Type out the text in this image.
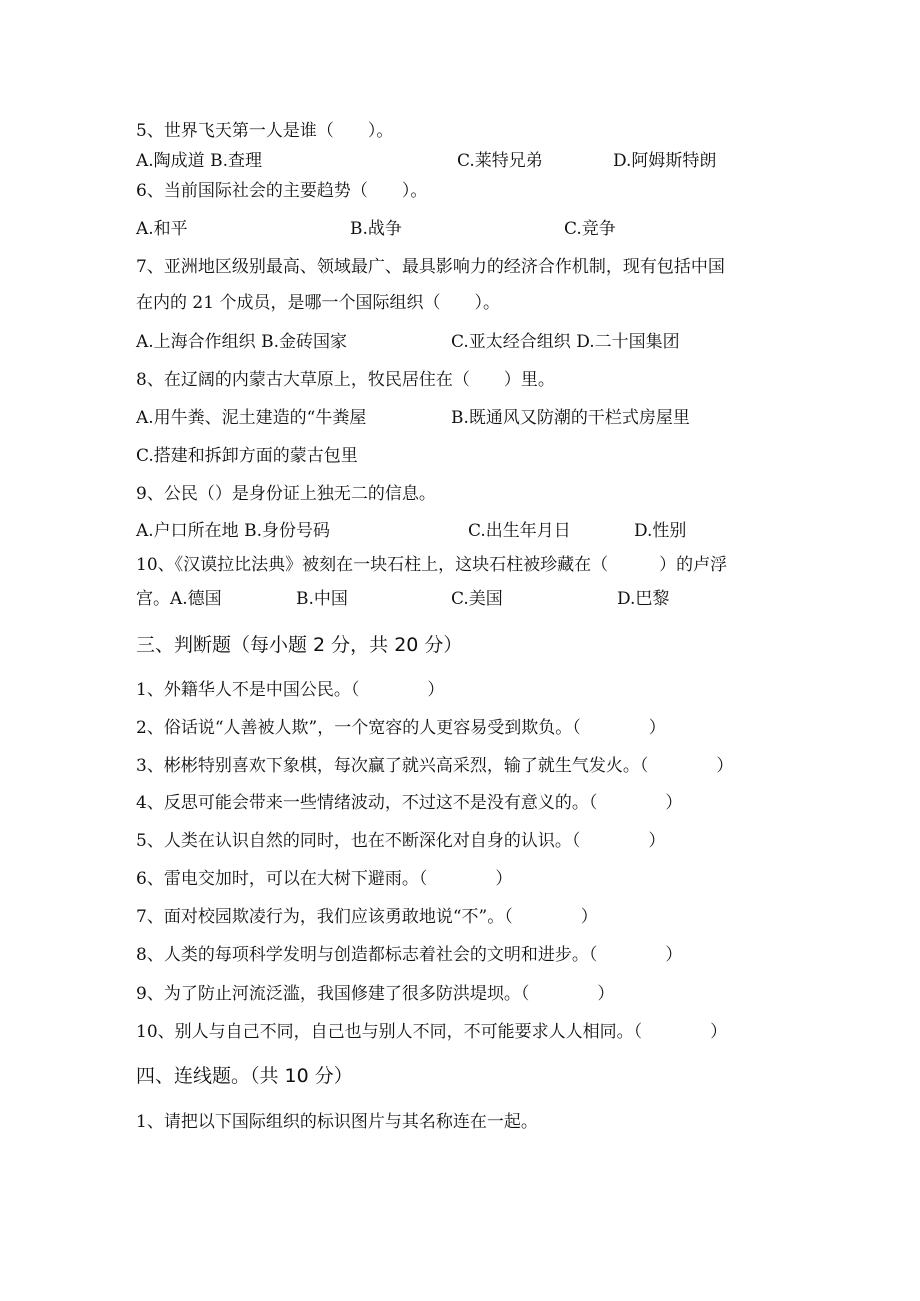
5、世界飞天第一人是谁（　　）。
A.陶成道 B.查理	C.莱特兄弟	D.阿姆斯特朗
6、当前国际社会的主要趋势（　　）。
A.和平	B.战争	C.竞争
7、亚洲地区级别最高、领域最广、最具影响力的经济合作机制，现有包括中国
在内的 21 个成员，是哪一个国际组织（　　）。
A.上海合作组织 B.金砖国家	C.亚太经合组织 D.二十国集团
8、在辽阔的内蒙古大草原上，牧民居住在（　　）里。
A.用牛粪、泥土建造的“牛粪屋	B.既通风又防潮的干栏式房屋里
C.搭建和拆卸方面的蒙古包里
9、公民（）是身份证上独无二的信息。
A.户口所在地 B.身份号码	C.出生年月日	D.性别
10、《汉谟拉比法典》被刻在一块石柱上，这块石柱被珍藏在（　　　）的卢浮
宫。A.德国	B.中国	C.美国	D.巴黎
三、判断题（每小题 2 分，共 20 分）
1、外籍华人不是中国公民。（　　　　）
2、俗话说“人善被人欺”，一个宽容的人更容易受到欺负。（　　　　）
3、彬彬特别喜欢下象棋，每次赢了就兴高采烈，输了就生气发火。（　　　　）
4、反思可能会带来一些情绪波动，不过这不是没有意义的。（　　　　）
5、人类在认识自然的同时，也在不断深化对自身的认识。（　　　　）
6、雷电交加时，可以在大树下避雨。（　　　　）
7、面对校园欺凌行为，我们应该勇敢地说“不”。（　　　　）
8、人类的每项科学发明与创造都标志着社会的文明和进步。（　　　　）
9、为了防止河流泛滥，我国修建了很多防洪堤坝。（　　　　）
10、别人与自己不同，自己也与别人不同，不可能要求人人相同。（　　　　）
四、连线题。（共 10 分）
1、请把以下国际组织的标识图片与其名称连在一起。
